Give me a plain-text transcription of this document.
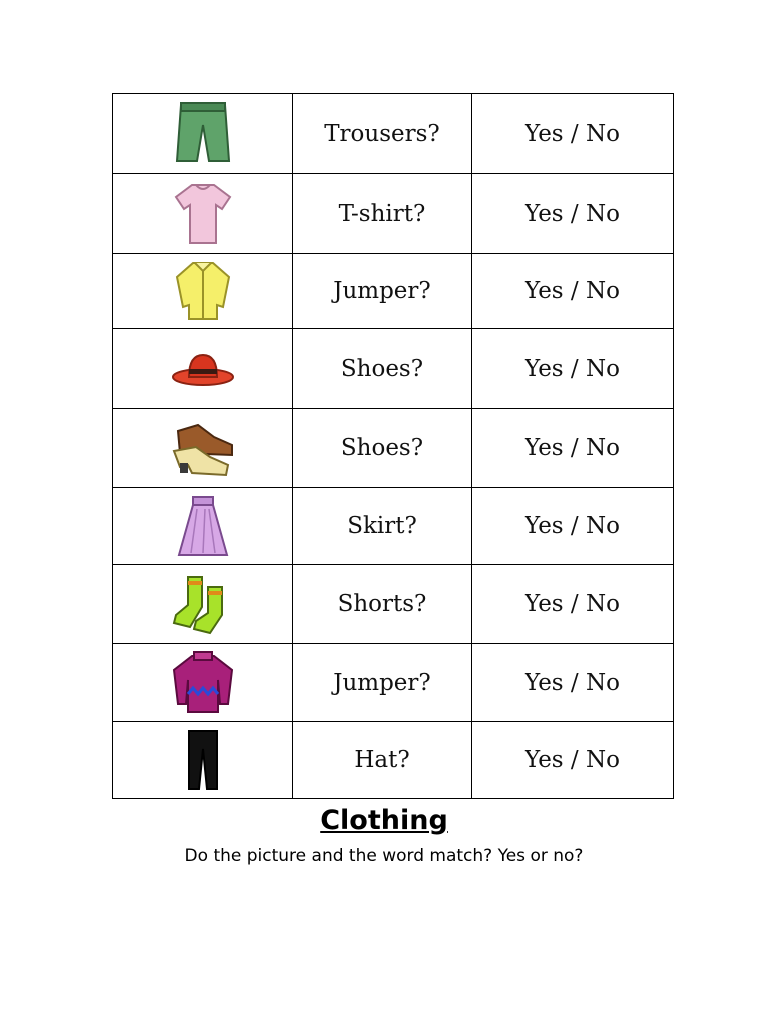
	Trousers?	Yes / No

	T-shirt?	Yes / No

	Jumper?	Yes / No

	Shoes?	Yes / No

	Shoes?	Yes / No

	Skirt?	Yes / No

	Shorts?	Yes / No

	Jumper?	Yes / No

	Hat?	Yes / No
Clothing
Do the picture and the word match? Yes or no?
